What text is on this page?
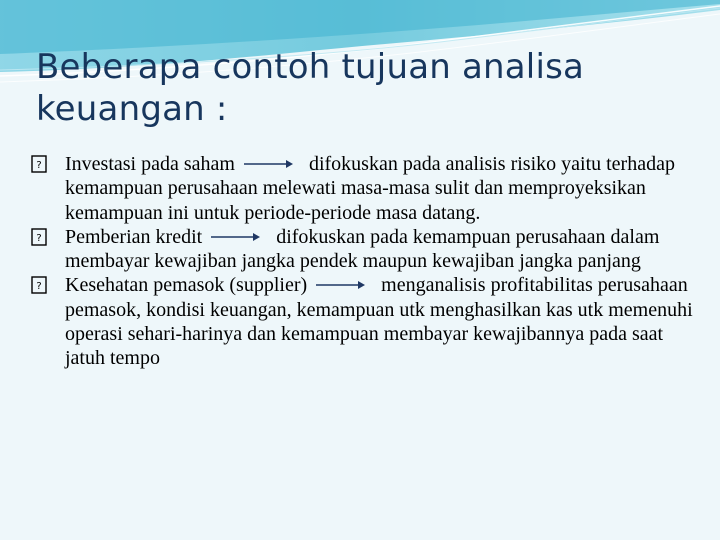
Beberapa contoh tujuan analisa keuangan :
? Investasi pada saham	difokuskan pada analisis risiko yaitu terhadap kemampuan perusahaan melewati masa-masa sulit dan memproyeksikan kemampuan ini untuk periode-periode masa datang.
? Pemberian kredit	difokuskan pada kemampuan perusahaan dalam membayar kewajiban jangka pendek maupun kewajiban jangka panjang
? Kesehatan pemasok (supplier)	menganalisis profitabilitas perusahaan pemasok, kondisi keuangan, kemampuan utk menghasilkan kas utk memenuhi operasi sehari-harinya dan kemampuan membayar kewajibannya pada saat jatuh tempo
